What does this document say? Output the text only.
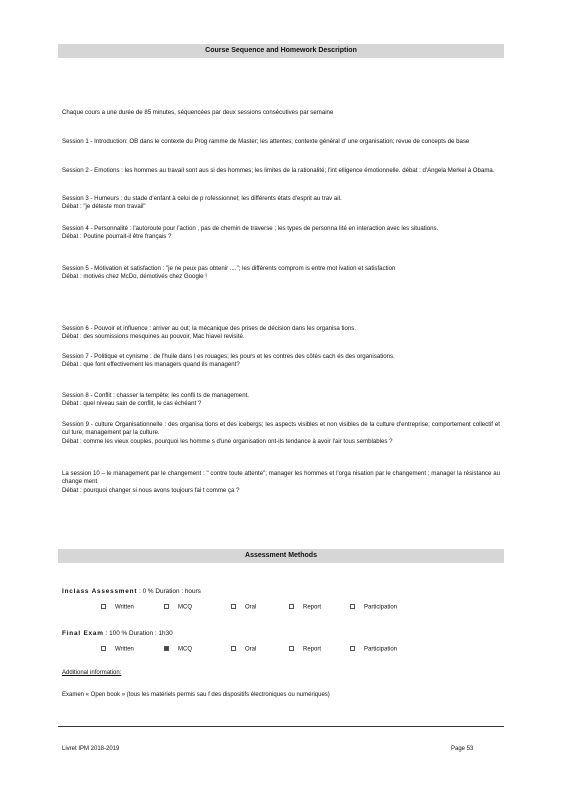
Course Sequence and Homework Description
Chaque cours a une durée de 85 minutes, séquencées par deux sessions consécutives par semaine
Session 1 - Introduction: OB dans le contexte du Prog ramme de Master; les attentes; contexte général d' une organisation; revue de concepts de base
Session 2 - Emotions : les hommes au travail sont aus si des hommes; les limites de la rationalité; l'int elligence émotionnelle. débat : d'Angela Merkel à Obama.
Session 3 - Humeurs : du stade d'enfant à celui de p rofessionnel; les différents états d'esprit au trav ail.
Débat : "je déteste mon travail"
Session 4 - Personnalité : l'autoroute pour l'action , pas de chemin de traverse ; les types de personna lité en interaction avec les situations.
Débat : Poutine pourrait-il être français ?
Session 5 - Motivation et satisfaction : "je ne peux pas obtenir ...."; les différents comprom is entre mot ivation et satisfaction
Débat : motivés chez McDo, démotivés chez Google !
Session 6 - Pouvoir et influence : arriver au out; la mécanique des prises de décision dans les organisa tions.
Débat : des soumissions mesquines au pouvoir, Mac hiavel revisité.
Session 7 - Politique et cynisme : de l'huile dans l es rouages; les pours et les contres des côtés cach és des organisations.
Débat : que font effectivement les managers quand ils managent?
Session 8 - Conflit : chasser la tempête; les confli ts de management.
Débat : quel niveau sain de conflit, le cas échéant ?
Session 9 - culture Organisationnelle : des organisa tions et des icebergs; les aspects visibles et non visibles de la culture d'entreprise; comportement collectif et cul ture; management par la culture.
Débat : comme les vieux couples, pourquoi les homme s d'une organisation ont-ils tendance à avoir l'air tous semblables ?
La session 10 – le management par le changement : " contre toute attente"; manager les hommes et l'orga nisation par le changement ; manager la résistance au change ment
Débat : pourquoi changer si nous avons toujours fai t comme ça ?
Assessment Methods
Inclass Assessment : 0 % Duration : hours
Written	MCQ	Oral	Report	Participation
Final Exam : 100 % Duration : 1h30
Written	MCQ	Oral	Report	Participation
Additional information:
Examen « Open book » (tous les matériels permis sau f des dispositifs électroniques ou numériques)
Livret IPM 2018-2019	Page 53
